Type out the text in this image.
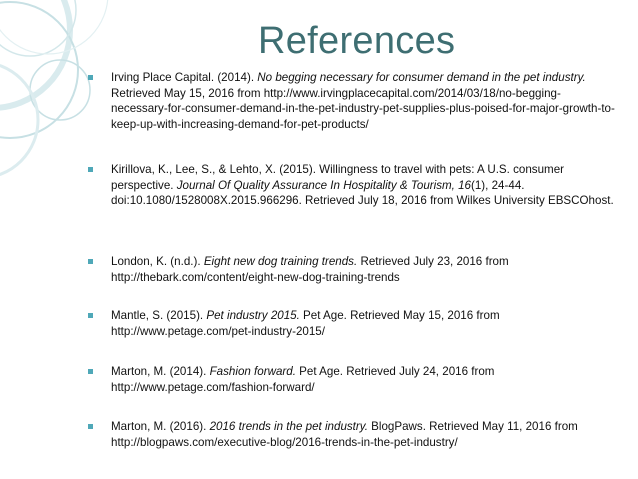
References
Irving Place Capital. (2014). No begging necessary for consumer demand in the pet industry. Retrieved May 15, 2016 from http://www.irvingplacecapital.com/2014/03/18/no-begging-necessary-for-consumer-demand-in-the-pet-industry-pet-supplies-plus-poised-for-major-growth-to-keep-up-with-increasing-demand-for-pet-products/
Kirillova, K., Lee, S., & Lehto, X. (2015). Willingness to travel with pets: A U.S. consumer perspective. Journal Of Quality Assurance In Hospitality & Tourism, 16(1), 24-44. doi:10.1080/1528008X.2015.966296. Retrieved July 18, 2016 from Wilkes University EBSCOhost.
London, K. (n.d.). Eight new dog training trends. Retrieved July 23, 2016 from http://thebark.com/content/eight-new-dog-training-trends
Mantle, S. (2015). Pet industry 2015. Pet Age. Retrieved May 15, 2016 from http://www.petage.com/pet-industry-2015/
Marton, M. (2014). Fashion forward. Pet Age. Retrieved July 24, 2016 from http://www.petage.com/fashion-forward/
Marton, M. (2016). 2016 trends in the pet industry. BlogPaws. Retrieved May 11, 2016 from http://blogpaws.com/executive-blog/2016-trends-in-the-pet-industry/
